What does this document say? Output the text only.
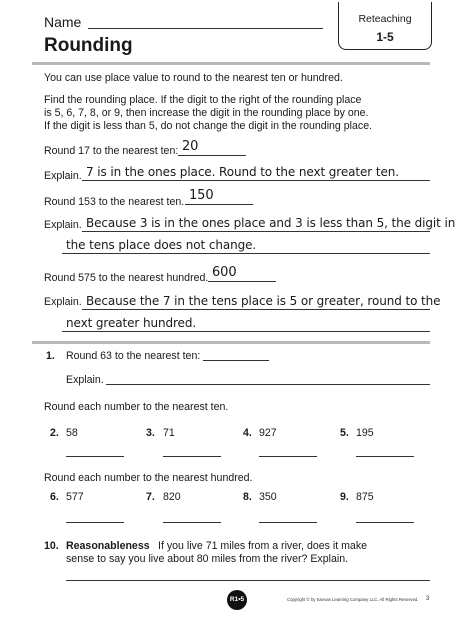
Name
Rounding
Reteaching
1-5
You can use place value to round to the nearest ten or hundred.
Find the rounding place. If the digit to the right of the rounding place
is 5, 6, 7, 8, or 9, then increase the digit in the rounding place by one.
If the digit is less than 5, do not change the digit in the rounding place.
Round 17 to the nearest ten: 20
Explain. 7 is in the ones place. Round to the next greater ten.
Round 153 to the nearest ten. 150
Explain. Because 3 is in the ones place and 3 is less than 5, the digit in
the tens place does not change.
Round 575 to the nearest hundred. 600
Explain. Because the 7 in the tens place is 5 or greater, round to the
next greater hundred.
1. Round 63 to the nearest ten:
Explain.
Round each number to the nearest ten.
2. 58	3. 71	4. 927	5. 195
Round each number to the nearest hundred.
6. 577	7. 820	8. 350	9. 875
10. Reasonableness If you live 71 miles from a river, does it make
sense to say you live about 80 miles from the river? Explain.
R1•5	Copyright © by Savvas Learning Company LLC. All Rights Reserved. 3
